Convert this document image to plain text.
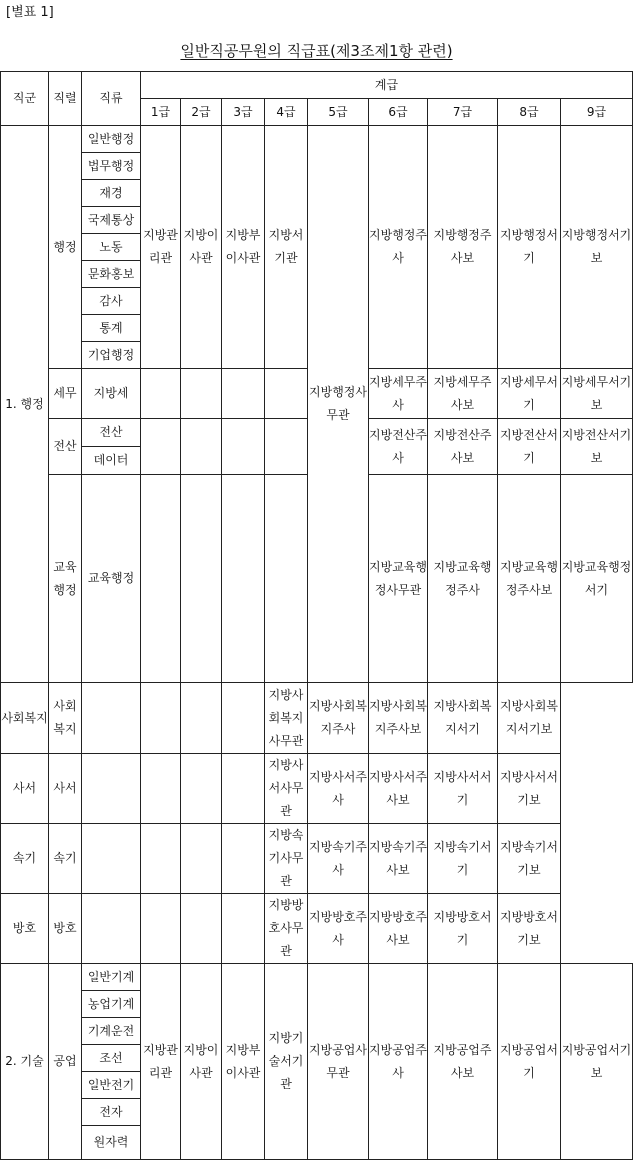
[별표 1]
일반직공무원의 직급표(제3조제1항 관련)
직군	직렬	직류	계급									
			1급	2급	3급	4급	5급	6급	7급	8급	9급	
1. 행정	행정	일반행정	지방관리관	지방이사관	지방부이사관	지방서기관	지방행정사무관	지방행정주사	지방행정주사보	지방행정서기	지방행정서기보	
		법무행정										
		재경										
		국제통상										
		노동										
		문화홍보										
		감사										
		통계										
		기업행정										
	세무	지방세						지방세무주사	지방세무주사보	지방세무서기	지방세무서기보	
	전산	전산						지방전산주사	지방전산주사보	지방전산서기	지방전산서기보	
		데이터										
	교육행정	교육행정						지방교육행정사무관	지방교육행정주사	지방교육행정주사보	지방교육행정서기	
사회복지	사회복지					지방사회복지사무관	지방사회복지주사	지방사회복지주사보	지방사회복지서기	지방사회복지서기보		
사서	사서					지방사서사무관	지방사서주사	지방사서주사보	지방사서서기	지방사서서기보		
속기	속기					지방속기사무관	지방속기주사	지방속기주사보	지방속기서기	지방속기서기보		
방호	방호					지방방호사무관	지방방호주사	지방방호주사보	지방방호서기	지방방호서기보		
2. 기술	공업	일반기계	지방관리관	지방이사관	지방부이사관	지방기술서기관	지방공업사무관	지방공업주사	지방공업주사보	지방공업서기	지방공업서기보	
		농업기계										
		기계운전										
		조선										
		일반전기										
		전자										
		원자력										
